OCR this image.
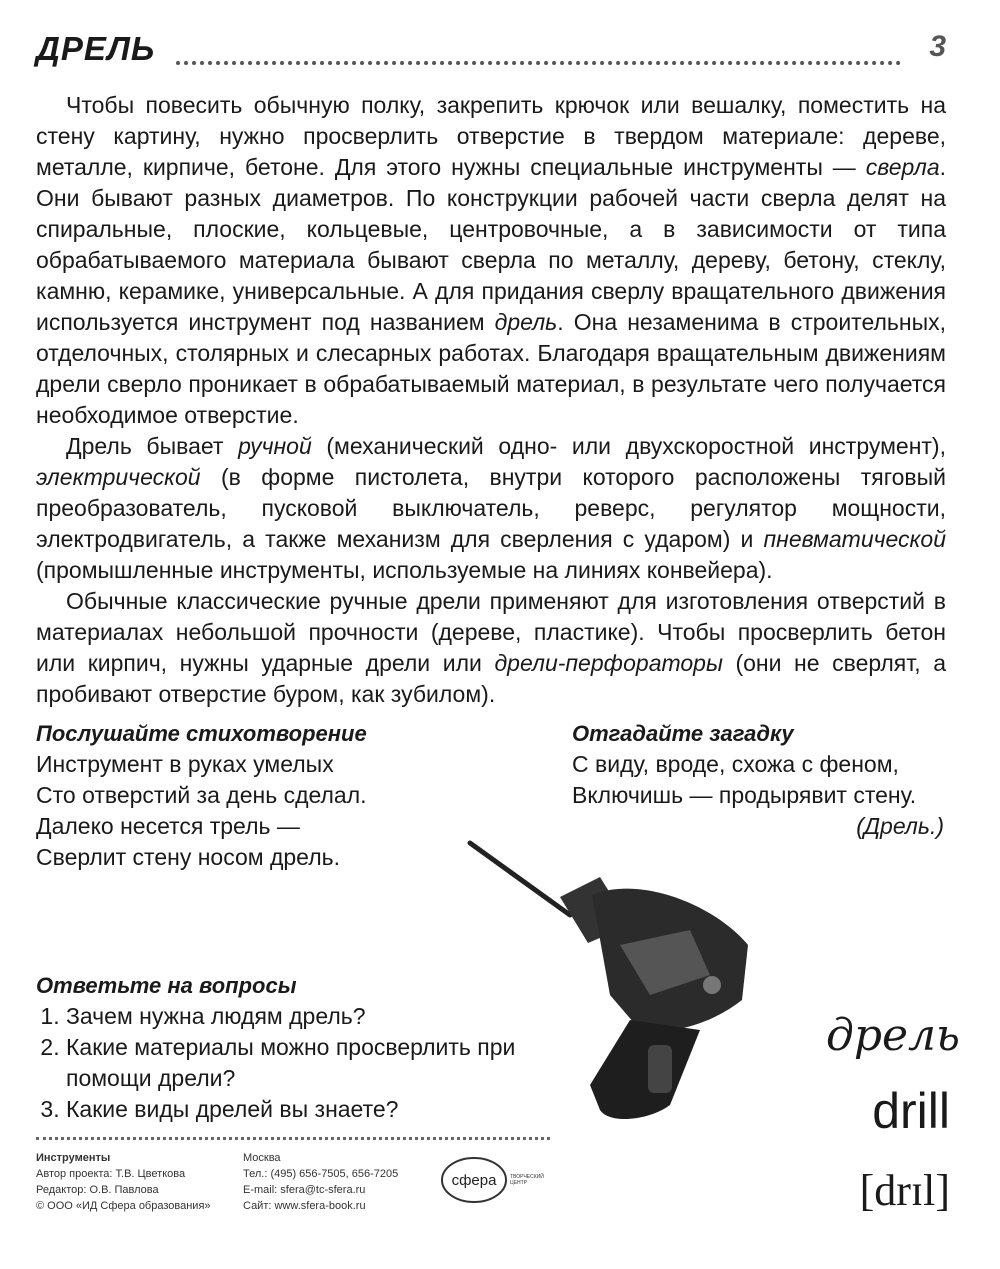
ДРЕЛЬ	3

Чтобы повесить обычную полку, закрепить крючок или вешалку, поместить на стену картину, нужно просверлить отверстие в твердом материале: дереве, металле, кирпиче, бетоне. Для этого нужны специальные инструменты — сверла. Они бывают разных диаметров. По конструкции рабочей части сверла делят на спиральные, плоские, кольцевые, центровочные, а в зависимости от типа обрабатываемого материала бывают сверла по металлу, дереву, бетону, стеклу, камню, керамике, универсальные. А для придания сверлу вращательного движения используется инструмент под названием дрель. Она незаменима в строительных, отделочных, столярных и слесарных работах. Благодаря вращательным движениям дрели сверло проникает в обрабатываемый материал, в результате чего получается необходимое отверстие.

Дрель бывает ручной (механический одно- или двухскоростной инструмент), электрической (в форме пистолета, внутри которого расположены тяговый преобразователь, пусковой выключатель, реверс, регулятор мощности, электродвигатель, а также механизм для сверления с ударом) и пневматической (промышленные инструменты, используемые на линиях конвейера).

Обычные классические ручные дрели применяют для изготовления отверстий в материалах небольшой прочности (дереве, пластике). Чтобы просверлить бетон или кирпич, нужны ударные дрели или дрели-перфораторы (они не сверлят, а пробивают отверстие буром, как зубилом).

Послушайте стихотворение
Инструмент в руках умелых
Сто отверстий за день сделал.
Далеко несется трель —
Сверлит стену носом дрель.
Отгадайте загадку
С виду, вроде, схожа с феном,
Включишь — продырявит стену.
(Дрель.)
дрель
drill
[drɪl]
Ответьте на вопросы
1. Зачем нужна людям дрель?
2. Какие материалы можно просверлить при помощи дрели?
3. Какие виды дрелей вы знаете?
Инструменты
Автор проекта: Т.В. Цветкова
Редактор: О.В. Павлова
© ООО «ИД Сфера образования»
Москва
Тел.: (495) 656-7505, 656-7205
E-mail: sfera@tc-sfera.ru
Сайт: www.sfera-book.ru
сфера	ТВОРЧЕСКИЙ
ЦЕНТР
